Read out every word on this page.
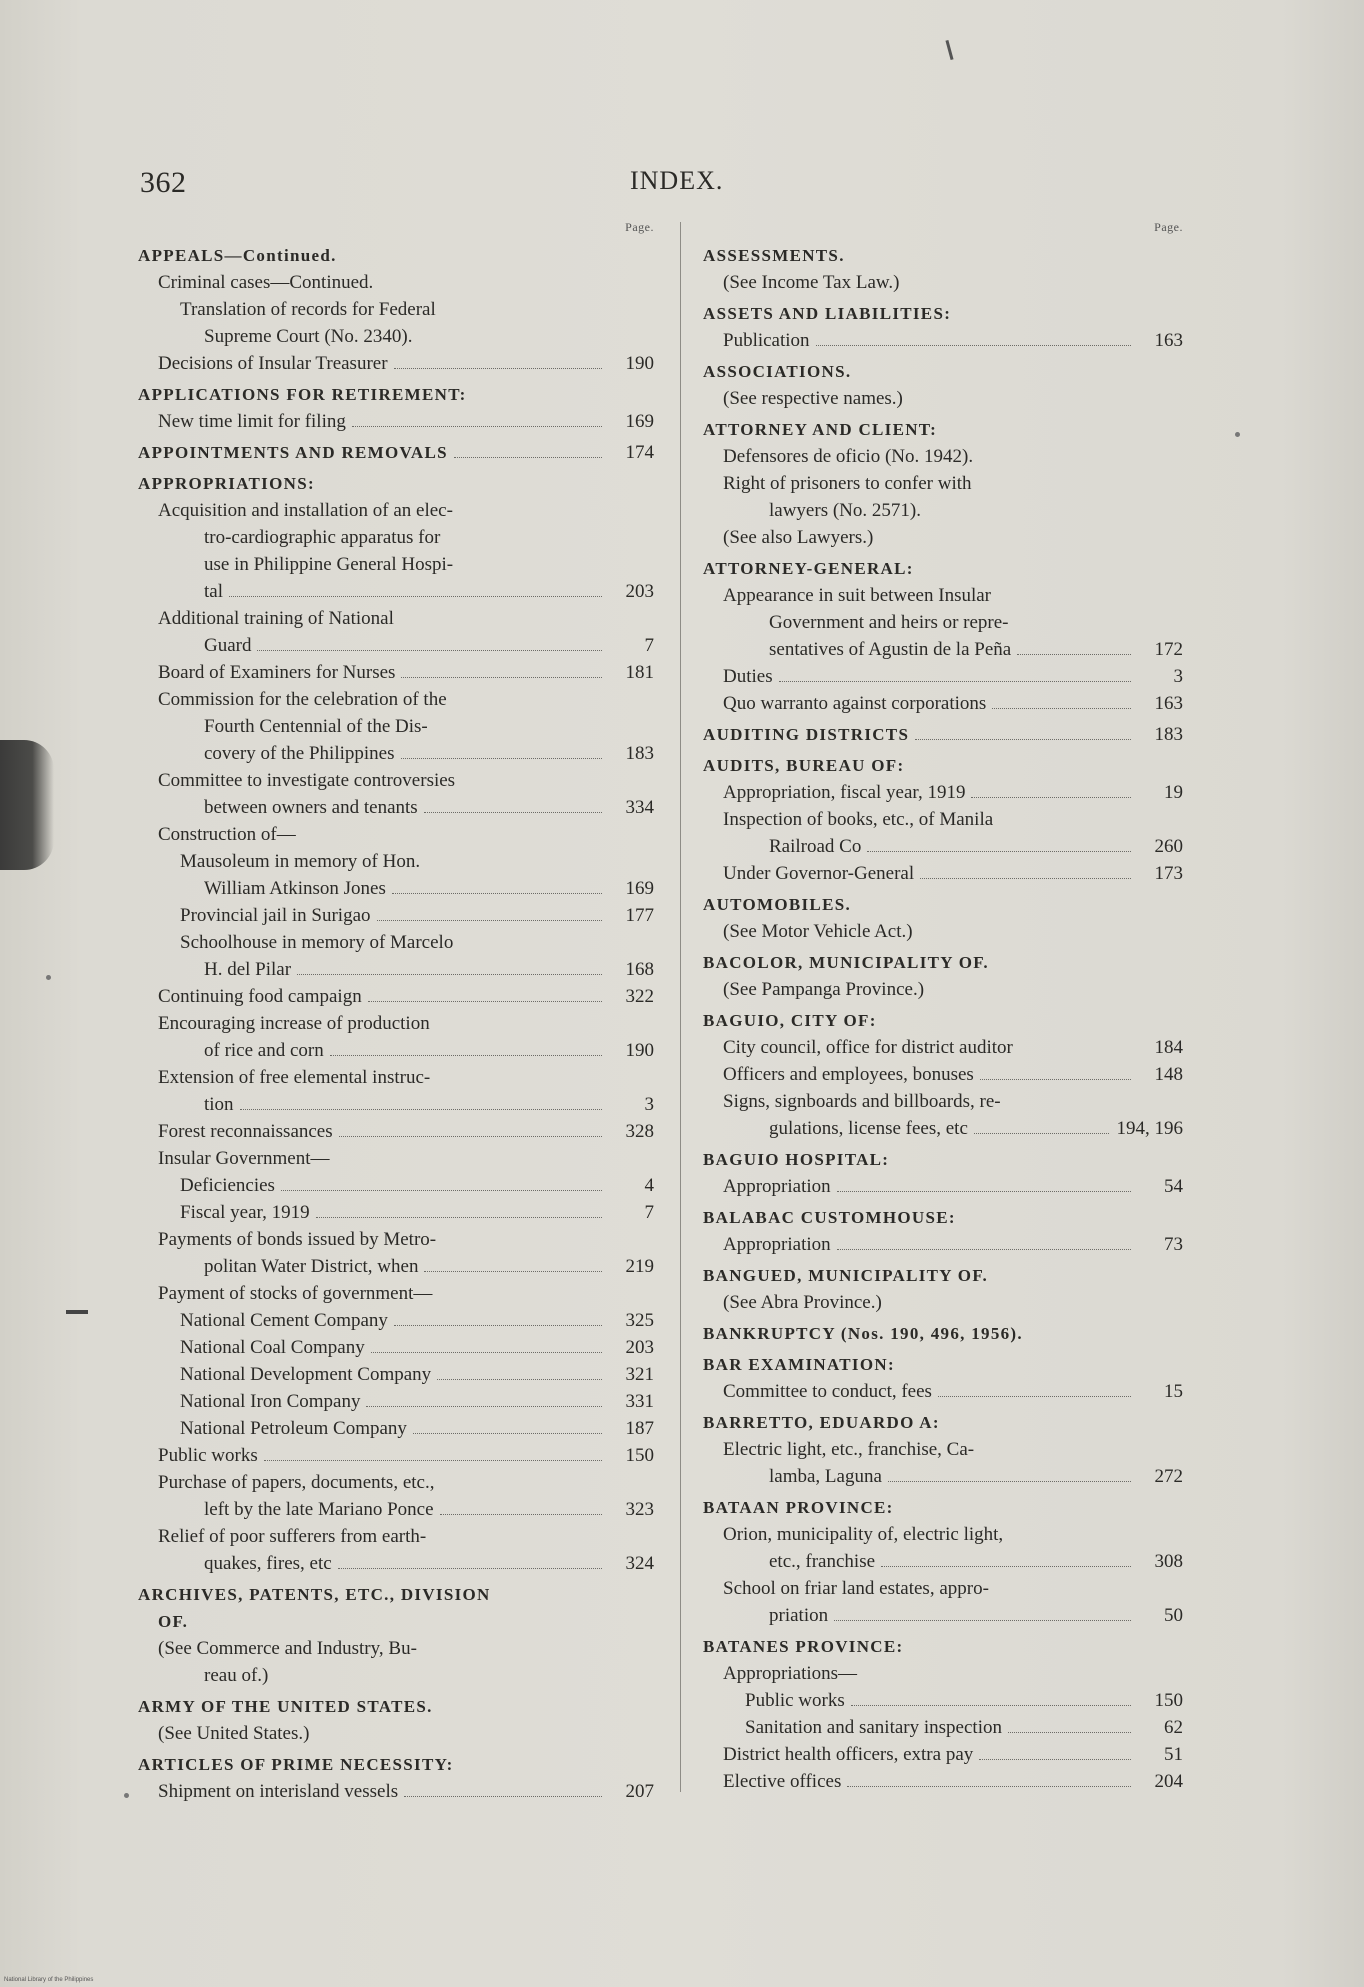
362	INDEX.
Page.
APPEALS—Continued.
Criminal cases—Continued.
Translation of records for Federal
Supreme Court (No. 2340).
Decisions of Insular Treasurer	190
APPLICATIONS FOR RETIREMENT:
New time limit for filing	169
APPOINTMENTS AND REMOVALS	174
APPROPRIATIONS:
Acquisition and installation of an elec-
tro-cardiographic apparatus for
use in Philippine General Hospi-
tal	203
Additional training of National
Guard	7
Board of Examiners for Nurses	181
Commission for the celebration of the
Fourth Centennial of the Dis-
covery of the Philippines	183
Committee to investigate controversies
between owners and tenants	334
Construction of—
Mausoleum in memory of Hon.
William Atkinson Jones	169
Provincial jail in Surigao	177
Schoolhouse in memory of Marcelo
H. del Pilar	168
Continuing food campaign	322
Encouraging increase of production
of rice and corn	190
Extension of free elemental instruc-
tion	3
Forest reconnaissances	328
Insular Government—
Deficiencies	4
Fiscal year, 1919	7
Payments of bonds issued by Metro-
politan Water District, when	219
Payment of stocks of government—
National Cement Company	325
National Coal Company	203
National Development Company	321
National Iron Company	331
National Petroleum Company	187
Public works	150
Purchase of papers, documents, etc.,
left by the late Mariano Ponce	323
Relief of poor sufferers from earth-
quakes, fires, etc	324
ARCHIVES, PATENTS, ETC., DIVISION
OF.
(See Commerce and Industry, Bu-
reau of.)
ARMY OF THE UNITED STATES.
(See United States.)
ARTICLES OF PRIME NECESSITY:
Shipment on interisland vessels	207
Page.
ASSESSMENTS.
(See Income Tax Law.)
ASSETS AND LIABILITIES:
Publication	163
ASSOCIATIONS.
(See respective names.)
ATTORNEY AND CLIENT:
Defensores de oficio (No. 1942).
Right of prisoners to confer with
lawyers (No. 2571).
(See also Lawyers.)
ATTORNEY-GENERAL:
Appearance in suit between Insular
Government and heirs or repre-
sentatives of Agustin de la Peña	172
Duties	3
Quo warranto against corporations	163
AUDITING DISTRICTS	183
AUDITS, BUREAU OF:
Appropriation, fiscal year, 1919	19
Inspection of books, etc., of Manila
Railroad Co	260
Under Governor-General	173
AUTOMOBILES.
(See Motor Vehicle Act.)
BACOLOR, MUNICIPALITY OF.
(See Pampanga Province.)
BAGUIO, CITY OF:
City council, office for district auditor	184
Officers and employees, bonuses	148
Signs, signboards and billboards, re-
gulations, license fees, etc	194, 196
BAGUIO HOSPITAL:
Appropriation	54
BALABAC CUSTOMHOUSE:
Appropriation	73
BANGUED, MUNICIPALITY OF.
(See Abra Province.)
BANKRUPTCY (Nos. 190, 496, 1956).
BAR EXAMINATION:
Committee to conduct, fees	15
BARRETTO, EDUARDO A:
Electric light, etc., franchise, Ca-
lamba, Laguna	272
BATAAN PROVINCE:
Orion, municipality of, electric light,
etc., franchise	308
School on friar land estates, appro-
priation	50
BATANES PROVINCE:
Appropriations—
Public works	150
Sanitation and sanitary inspection	62
District health officers, extra pay	51
Elective offices	204
National Library of the Philippines
